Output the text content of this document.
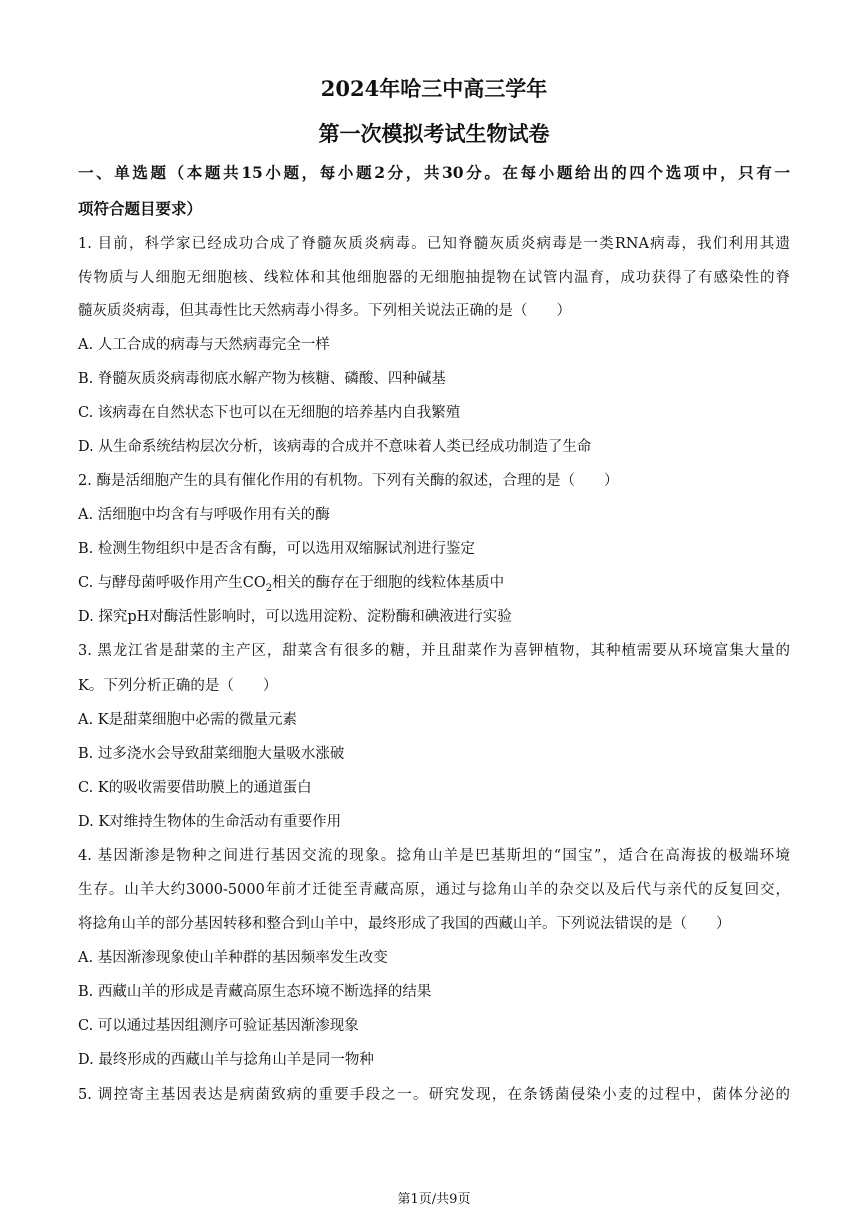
2024年哈三中高三学年
第一次模拟考试生物试卷
一、单选题（本题共15小题，每小题2分，共30分。在每小题给出的四个选项中，只有一
项符合题目要求）
1. 目前，科学家已经成功合成了脊髓灰质炎病毒。已知脊髓灰质炎病毒是一类RNA病毒，我们利用其遗
传物质与人细胞无细胞核、线粒体和其他细胞器的无细胞抽提物在试管内温育，成功获得了有感染性的脊
髓灰质炎病毒，但其毒性比天然病毒小得多。下列相关说法正确的是（　　）
A. 人工合成的病毒与天然病毒完全一样
B. 脊髓灰质炎病毒彻底水解产物为核糖、磷酸、四种碱基
C. 该病毒在自然状态下也可以在无细胞的培养基内自我繁殖
D. 从生命系统结构层次分析，该病毒的合成并不意味着人类已经成功制造了生命
2. 酶是活细胞产生的具有催化作用的有机物。下列有关酶的叙述，合理的是（　　）
A. 活细胞中均含有与呼吸作用有关的酶
B. 检测生物组织中是否含有酶，可以选用双缩脲试剂进行鉴定
C. 与酵母菌呼吸作用产生$CO_2$相关的酶存在于细胞的线粒体基质中
D. 探究pH对酶活性影响时，可以选用淀粉、淀粉酶和碘液进行实验
3. 黑龙江省是甜菜的主产区，甜菜含有很多的糖，并且甜菜作为喜钾植物，其种植需要从环境富集大量的
K。下列分析正确的是（　　）
A. K是甜菜细胞中必需的微量元素
B. 过多浇水会导致甜菜细胞大量吸水涨破
C. K的吸收需要借助膜上的通道蛋白
D. K对维持生物体的生命活动有重要作用
4. 基因渐渗是物种之间进行基因交流的现象。捻角山羊是巴基斯坦的“国宝”，适合在高海拔的极端环境
生存。山羊大约3000-5000年前才迁徙至青藏高原，通过与捻角山羊的杂交以及后代与亲代的反复回交，
将捻角山羊的部分基因转移和整合到山羊中，最终形成了我国的西藏山羊。下列说法错误的是（　　）
A. 基因渐渗现象使山羊种群的基因频率发生改变
B. 西藏山羊的形成是青藏高原生态环境不断选择的结果
C. 可以通过基因组测序可验证基因渐渗现象
D. 最终形成的西藏山羊与捻角山羊是同一物种
5. 调控寄主基因表达是病菌致病的重要手段之一。研究发现，在条锈菌侵染小麦的过程中，菌体分泌的
第1页/共9页
